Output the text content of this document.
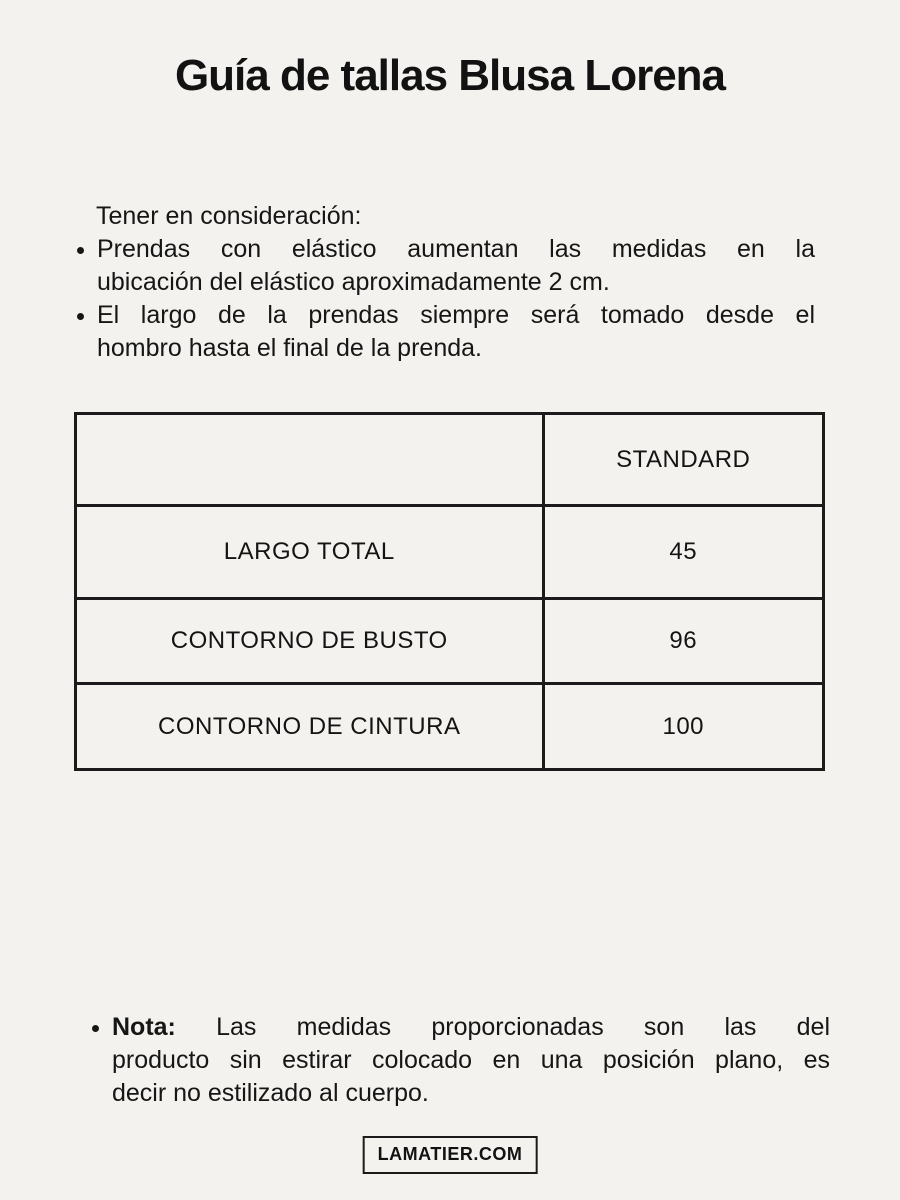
Guía de tallas Blusa Lorena
Tener en consideración:
Prendas con elástico aumentan las medidas en la
ubicación del elástico aproximadamente 2 cm.
El largo de la prendas siempre será tomado desde el
hombro hasta el final de la prenda.
	STANDARD
LARGO TOTAL	45
CONTORNO DE BUSTO	96
CONTORNO DE CINTURA	100
Nota: Las medidas proporcionadas son las del
producto sin estirar colocado en una posición plano, es
decir no estilizado al cuerpo.
LAMATIER.COM
